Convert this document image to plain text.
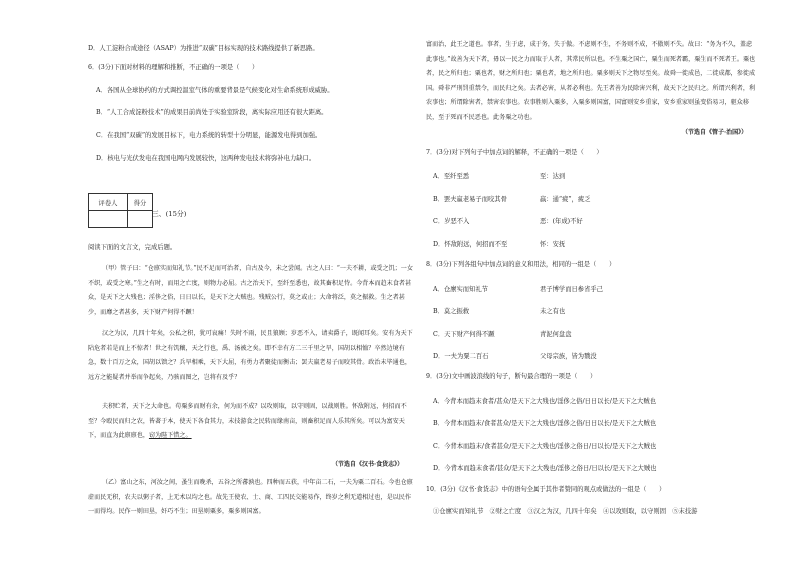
D．人工淀粉合成途径（ASAP）为推进“双碳”目标实现的技术路线提供了新思路。
6．(3分)下面对材料的理解和推断，不正确的一项是（　　）
A．各国从全球协约的方式调控温室气体的重要背景是气候变化对生命系统形成威胁。
B．“人工合成淀粉技术”的成果目前尚处于实验室阶段，离实际应用还有很大距离。
C．在我国“双碳”的发展目标下，电力系统的转型十分明显，能源发电得到加强。
D．核电与光伏发电在我国电网内发展较快，这两种发电技术将弥补电力缺口。
评卷人	得分

三、(15分)
阅读下面的文言文，完成后题。
（甲）管子曰：“仓廪实而知礼节。”民不足而可治者，自古及今，未之尝闻。古之人曰：“一夫不耕，或受之饥；一女不织，或受之寒。”生之有时，而用之亡度，则物力必屈。古之治天下，至纤至悉也，故其畜积足恃。今背本而趋末食者甚众，是天下之大残也；淫侈之俗，日日以长，是天下之大贼也。残贼公行，莫之或止；大命将泛，莫之振救。生之者甚少，而靡之者甚多，天下财产何得不蹶！
汉之为汉，几四十年矣，公私之积，犹可哀痛！失时不雨，民且狼顾；岁恶不入，请卖爵子，既闻耳矣。安有为天下阽危者若是而上不惊者！世之有饥穰，天之行也，禹、汤被之矣。即不幸有方二三千里之旱，国胡以相恤？卒然边境有急，数十百万之众，国胡以馈之？兵旱相乘，天下大屈，有勇力者聚徒而衡击；罢夫羸老易子而咬其骨。政治未毕通也，远方之能疑者并举而争起矣，乃骇而图之，岂将有及乎？
夫积贮者，天下之大命也。苟粟多而财有余，何为而不成？以攻则取，以守则固，以战则胜。怀敌附远，何招而不至？今殴民而归之农，皆著于本，使天下各食其力，末技游食之民转而缘南亩，则畜积足而人乐其所矣。可以为富安天下，而直为此廪廪也，窃为陛下惜之。
（节选自《汉书·食货志》）
（乙）富山之东，河汝之间，蚤生而晚杀，五谷之所蕃孰也。四种而五获，中年亩二石，一夫为粟二百石。今也仓廪虚而民无积，农夫以粥子者，上无术以均之也。故先王使农、士、商、工四民交能易作，终岁之利无道相过也，是以民作一而得均。民作一则田垦，奸巧不生；田垦则粟多，粟多则国富。
富而治，此王之道也。事者，生于虑，成于务，失于傲。不虑则不生，不务则不成，不傲则不失。故曰：“务为不久，盖虑此事也。”故善为天下者，毋以一民之力而取于人者，其常民所以也。不生粟之国亡，粟生而死者霸，粟生而不死者王。粟也者，民之所归也；粟也者，财之所归也；粟也者，地之所归也。粟多则天下之物尽至矣。故舜一徙成邑，二徙成都，参徙成国。舜非严刑罚重禁令，而民归之矣。去者必害，从者必利也。先王者善为民除害兴利，故天下之民归之。所谓兴利者，利农事也；所谓除害者，禁害农事也。农事胜则入粟多，入粟多则国富，国富则安乡重家，安乡重家则虽变俗易习，驱众移民，至于死而不民恶也。此务粟之功也。
（节选自《管子·治国》）
7．(3分)对下列句子中加点词的解释，不正确的一项是（　　）
A．至纤至悉	至：达到
B．罢夫羸老易子而咬其骨	羸：通“疲”，疲乏
C．岁恶不入	恶：(年成)不好
D．怀敌附远，何招而不至	怀：安抚
8．(3分)下列各组句中加点词的意义和用法，相同的一组是（　　）
A．仓廪实而知礼节	君子博学而日参省乎己
B．莫之振救	未之有也
C．天下财产何得不蹶	青泥何盘盘
D．一夫为粟二百石	父母宗族，皆为戮没
9．(3分)文中画波浪线的句子，断句最合理的一项是（　　）
A．今背本而趋末食者/甚众/是天下之大残也/淫侈之俗/日日以长/是天下之大贼也
B．今背本而趋末/食者甚众/是天下之大残也/淫侈之俗/日日以长/是天下之大贼也
C．今背本而趋末/食者甚众/是天下之大残也/淫侈之俗日/日以长/是天下之大贼也
D．今背本而趋末食者/甚众/是天下之大残也/淫侈之俗日/日以长/是天下之大贼也
10．(3分)《汉书·食货志》中的语句全属于其作者赞同的观点或做法的一组是（　　）
①仓廪实而知礼节　②财之亡度　③汉之为汉，几四十年矣　④以攻则取，以守则固　⑤末技游
